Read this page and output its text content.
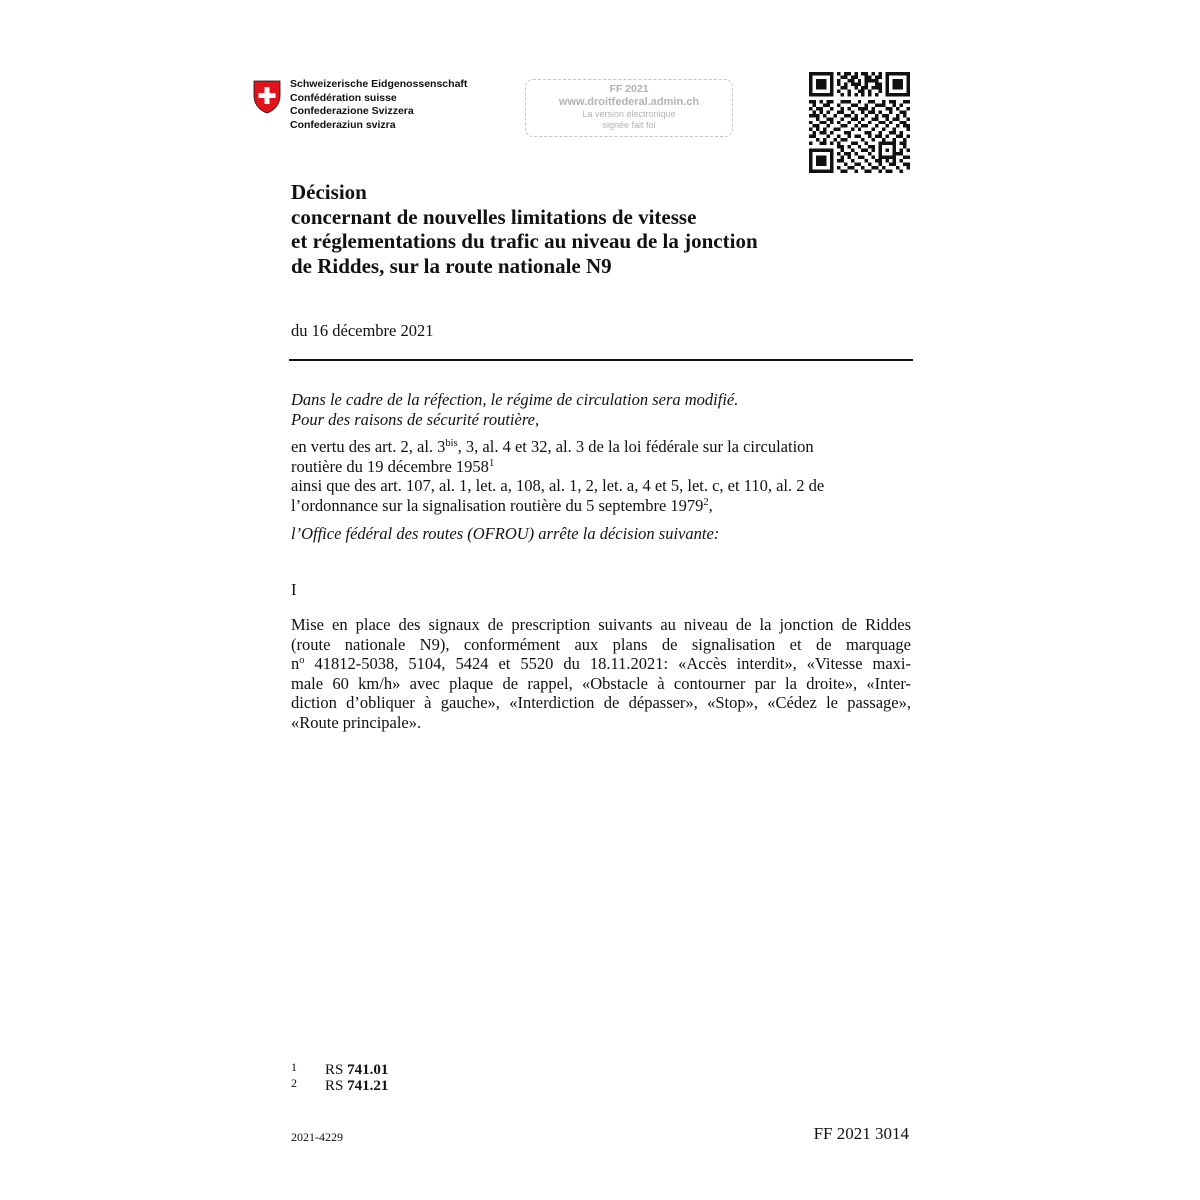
Schweizerische Eidgenossenschaft
Confédération suisse
Confederazione Svizzera
Confederaziun svizra
FF 2021
www.droitfederal.admin.ch
La version électronique
signée fait foi
Décision
concernant de nouvelles limitations de vitesse
et réglementations du trafic au niveau de la jonction
de Riddes, sur la route nationale N9
du 16 décembre 2021
Dans le cadre de la réfection, le régime de circulation sera modifié.
Pour des raisons de sécurité routière,
en vertu des art. 2, al. $3^{bis}$, 3, al. 4 et 32, al. 3 de la loi fédérale sur la circulation
routière du 19 décembre 1958$^1$
ainsi que des art. 107, al. 1, let. a, 108, al. 1, 2, let. a, 4 et 5, let. c, et 110, al. 2 de
l’ordonnance sur la signalisation routière du 5 septembre 1979$^2$,
l’Office fédéral des routes (OFROU) arrête la décision suivante:
I
Mise en place des signaux de prescription suivants au niveau de la jonction de Riddes
(route nationale N9), conformément aux plans de signalisation et de marquage
$n^o$ 41812-5038, 5104, 5424 et 5520 du 18.11.2021: «Accès interdit», «Vitesse maxi-
male 60 km/h» avec plaque de rappel, «Obstacle à contourner par la droite», «Inter-
diction d’obliquer à gauche», «Interdiction de dépasser», «Stop», «Cédez le passage»,
«Route principale».
1 RS 741.01
2 RS 741.21
2021-4229	FF 2021 3014
